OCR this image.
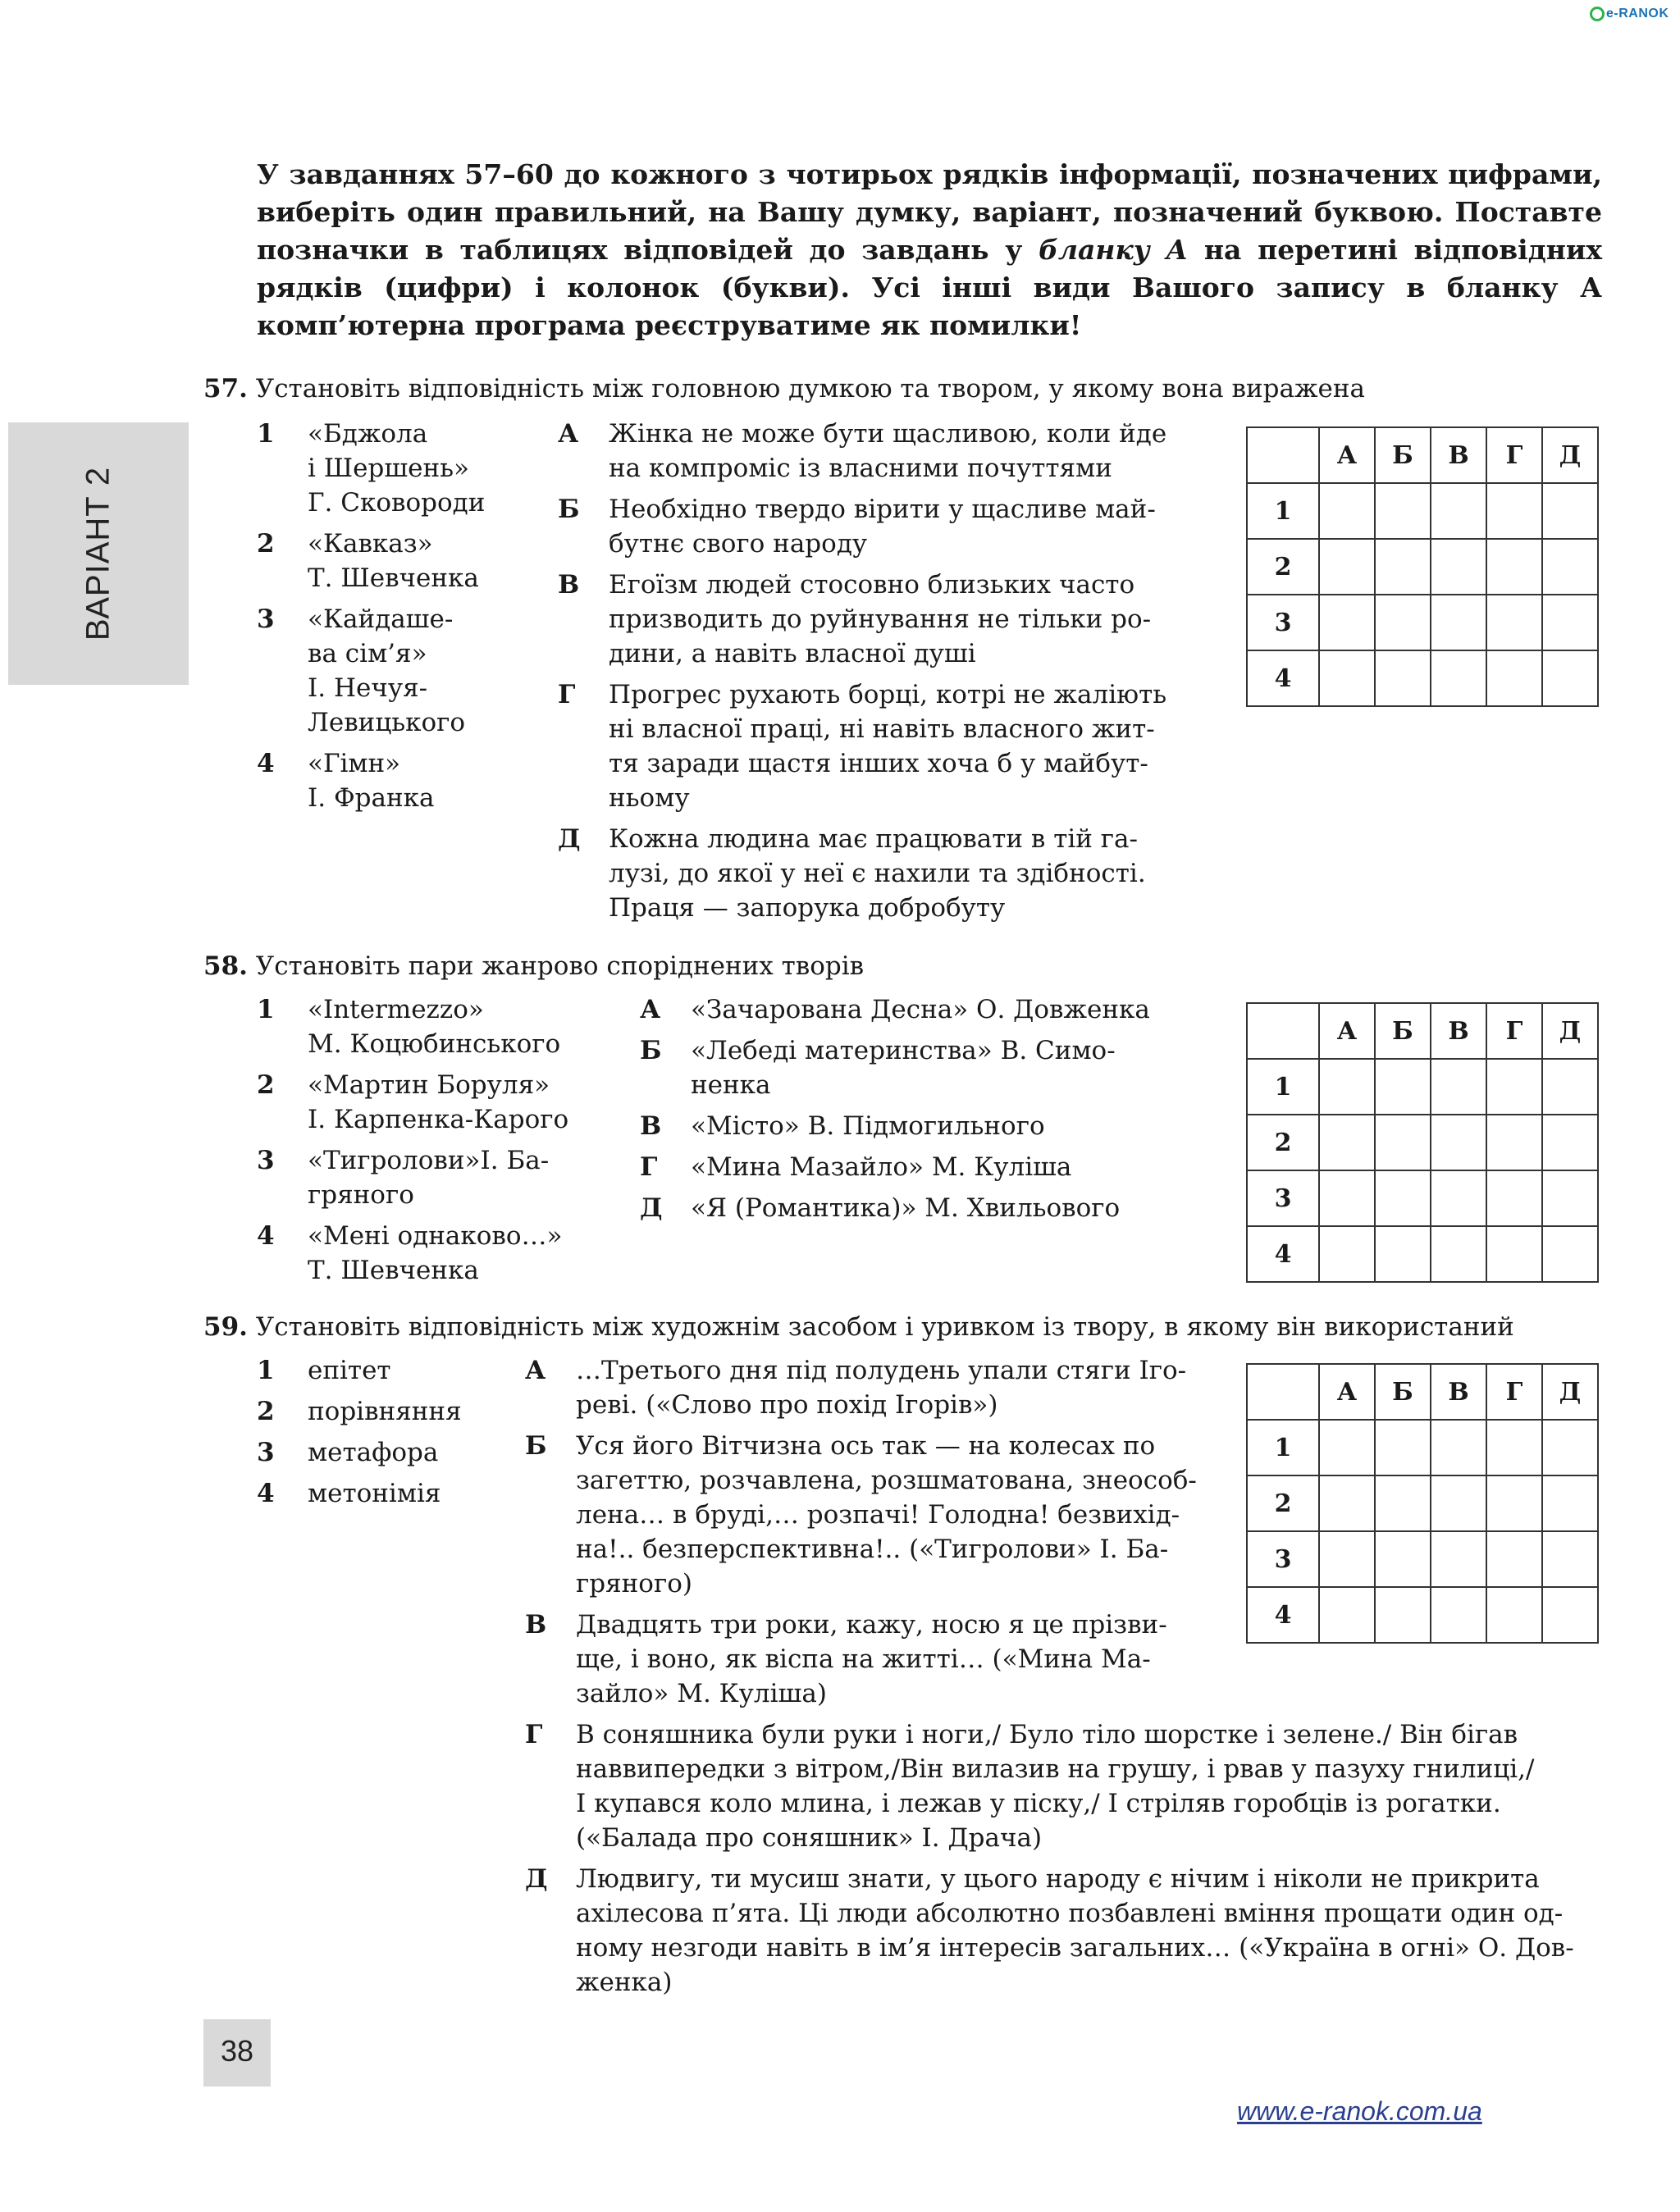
e-RANOK
ВАРІАНТ 2
У завданнях 57–60 до кожного з чотирьох рядків інформації, позначених цифрами, виберіть один правильний, на Вашу думку, варіант, позначений буквою. Поставте позначки в таблицях відповідей до завдань у бланку А на перетині відповідних рядків (цифри) і колонок (букви). Усі інші види Вашого запису в бланку А комп’ютерна програма реєструватиме як помилки!
57. Установіть відповідність між головною думкою та твором, у якому вона виражена
1 «Бджола
і Шершень»
Г. Сковороди
2 «Кавказ»
Т. Шевченка
3 «Кайдаше-
ва сім’я»
І. Нечуя-
Левицького
4 «Гімн»
І. Франка
А Жінка не може бути щасливою, коли йде
на компроміс із власними почуттями
Б Необхідно твердо вірити у щасливе май-
бутнє свого народу
В Егоїзм людей стосовно близьких часто
призводить до руйнування не тільки ро-
дини, а навіть власної душі
Г Прогрес рухають борці, котрі не жаліють
ні власної праці, ні навіть власного жит-
тя заради щастя інших хоча б у майбут-
ньому
Д Кожна людина має працювати в тій га-
лузі, до якої у неї є нахили та здібності.
Праця — запорука добробуту
	А	Б	В	Г	Д
1					
2					
3					
4					
58. Установіть пари жанрово споріднених творів
1 «Intermezzo»
М. Коцюбинського
2 «Мартин Боруля»
І. Карпенка-Карого
3 «Тигролови»І. Ба-
гряного
4 «Мені однаково…»
Т. Шевченка
А «Зачарована Десна» О. Довженка
Б «Лебеді материнства» В. Симо-
ненка
В «Місто» В. Підмогильного
Г «Мина Мазайло» М. Куліша
Д «Я (Романтика)» М. Хвильового
	А	Б	В	Г	Д
1					
2					
3					
4					
59. Установіть відповідність між художнім засобом і уривком із твору, в якому він використаний
1 епітет
2 порівняння
3 метафора
4 метонімія
А …Третього дня під полудень упали стяги Іго-
реві. («Слово про похід Ігорів»)
Б Уся його Вітчизна ось так — на колесах по
загеттю, розчавлена, розшматована, знеособ-
лена… в бруді,… розпачі! Голодна! безвихід-
на!.. безперспективна!.. («Тигролови» І. Ба-
гряного)
В Двадцять три роки, кажу, носю я це прізви-
ще, і воно, як віспа на житті… («Мина Ма-
зайло» М. Куліша)
Г В соняшника були руки і ноги,/ Було тіло шорстке і зелене./ Він бігав
наввипередки з вітром,/Він вилазив на грушу, і рвав у пазуху гнилиці,/
І купався коло млина, і лежав у піску,/ І стріляв горобців із рогатки.
(«Балада про соняшник» І. Драча)
Д Людвигу, ти мусиш знати, у цього народу є нічим і ніколи не прикрита
ахілесова п’ята. Ці люди абсолютно позбавлені вміння прощати один од-
ному незгоди навіть в ім’я інтересів загальних… («Україна в огні» О. Дов-
женка)
	А	Б	В	Г	Д
1					
2					
3					
4					
38
www.e-ranok.com.ua
